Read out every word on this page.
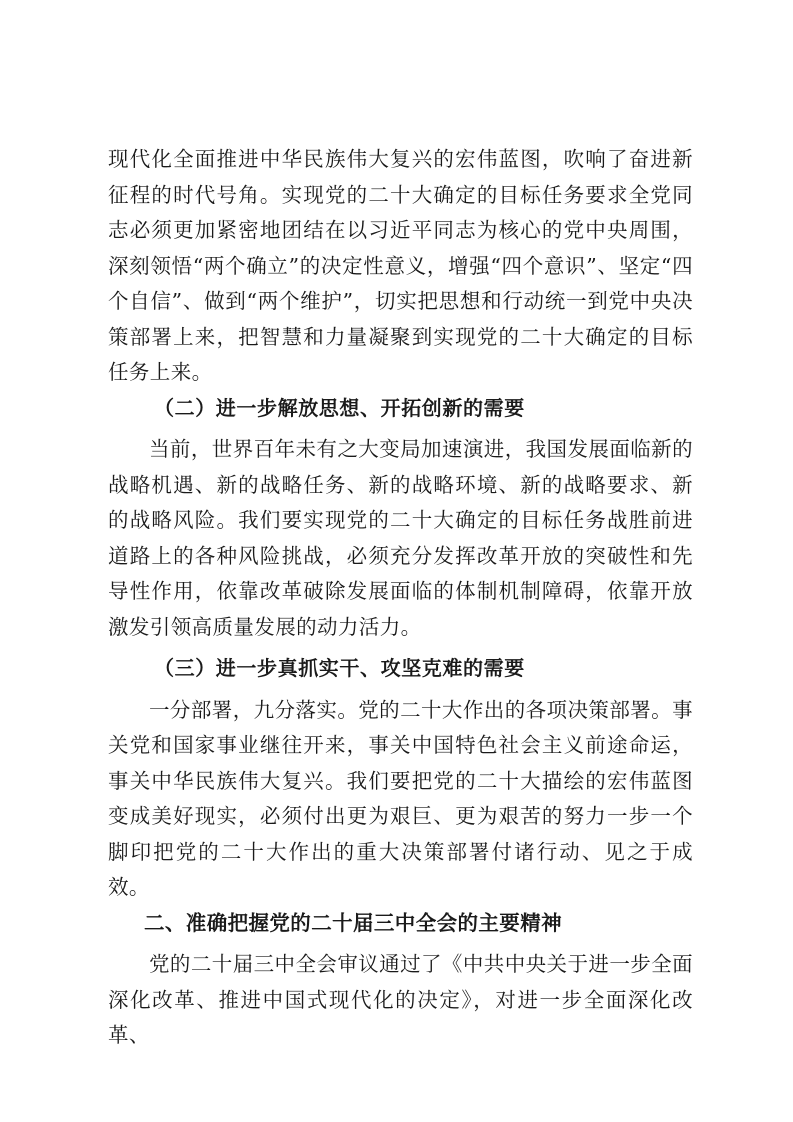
现代化全面推进中华民族伟大复兴的宏伟蓝图，吹响了奋进新征程的时代号角。实现党的二十大确定的目标任务要求全党同志必须更加紧密地团结在以习近平同志为核心的党中央周围，深刻领悟“两个确立”的决定性意义，增强“四个意识”、坚定“四个自信”、做到“两个维护”，切实把思想和行动统一到党中央决策部署上来，把智慧和力量凝聚到实现党的二十大确定的目标任务上来。

（二）进一步解放思想、开拓创新的需要

当前，世界百年未有之大变局加速演进，我国发展面临新的战略机遇、新的战略任务、新的战略环境、新的战略要求、新的战略风险。我们要实现党的二十大确定的目标任务战胜前进道路上的各种风险挑战，必须充分发挥改革开放的突破性和先导性作用，依靠改革破除发展面临的体制机制障碍，依靠开放激发引领高质量发展的动力活力。

（三）进一步真抓实干、攻坚克难的需要

一分部署，九分落实。党的二十大作出的各项决策部署。事关党和国家事业继往开来，事关中国特色社会主义前途命运，事关中华民族伟大复兴。我们要把党的二十大描绘的宏伟蓝图变成美好现实，必须付出更为艰巨、更为艰苦的努力一步一个脚印把党的二十大作出的重大决策部署付诸行动、见之于成效。

二、准确把握党的二十届三中全会的主要精神

党的二十届三中全会审议通过了《中共中央关于进一步全面深化改革、推进中国式现代化的决定》，对进一步全面深化改革、
